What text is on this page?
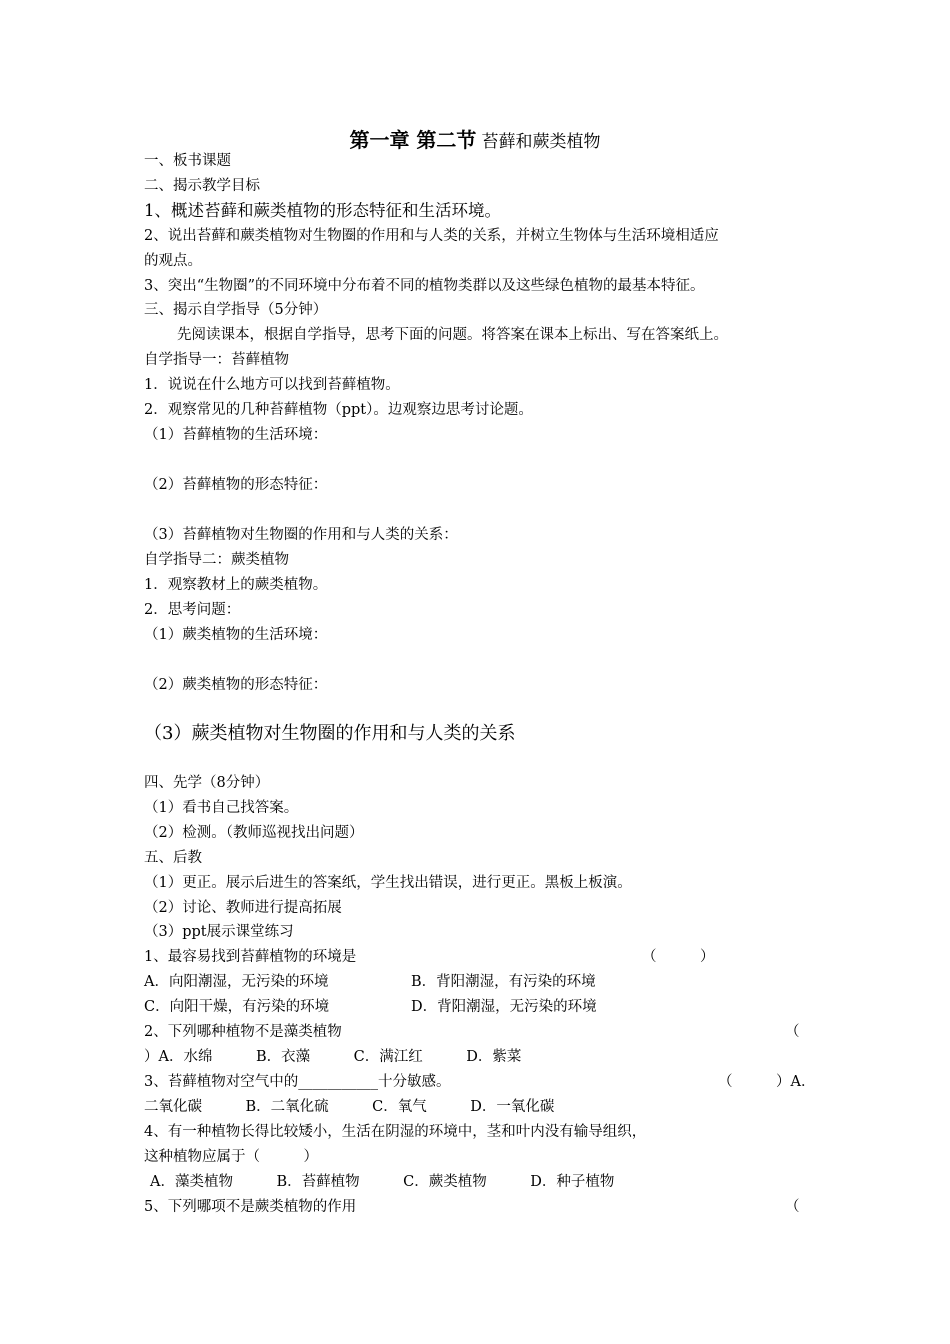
第一章 第二节 苔藓和蕨类植物
一、板书课题
二、揭示教学目标
1、概述苔藓和蕨类植物的形态特征和生活环境。
2、说出苔藓和蕨类植物对生物圈的作用和与人类的关系，并树立生物体与生活环境相适应
的观点。
3、突出“生物圈”的不同环境中分布着不同的植物类群以及这些绿色植物的最基本特征。
三、揭示自学指导（5分钟）
先阅读课本，根据自学指导，思考下面的问题。将答案在课本上标出、写在答案纸上。
自学指导一：苔藓植物
1．说说在什么地方可以找到苔藓植物。
2．观察常见的几种苔藓植物（ppt）。边观察边思考讨论题。
（1）苔藓植物的生活环境：
（2）苔藓植物的形态特征：
（3）苔藓植物对生物圈的作用和与人类的关系：
自学指导二：蕨类植物
1．观察教材上的蕨类植物。
2．思考问题：
（1）蕨类植物的生活环境：
（2）蕨类植物的形态特征：
（3）蕨类植物对生物圈的作用和与人类的关系
四、先学（8分钟）
（1）看书自己找答案。
（2）检测。（教师巡视找出问题）
五、后教
（1）更正。展示后进生的答案纸，学生找出错误，进行更正。黑板上板演。
（2）讨论、教师进行提高拓展
（3）ppt展示课堂练习
1、最容易找到苔藓植物的环境是	（　　　）
A．向阳潮湿，无污染的环境	B．背阳潮湿，有污染的环境
C．向阳干燥，有污染的环境	D．背阳潮湿，无污染的环境
2、下列哪种植物不是藻类植物	（
）A．水绵　　　B．衣藻　　　C．满江红　　　D．紫菜
3、苔藓植物对空气中的___________十分敏感。	（　　　）A．
二氧化碳　　　B．二氧化硫　　　C．氧气　　　D．一氧化碳
4、有一种植物长得比较矮小，生活在阴湿的环境中，茎和叶内没有输导组织，
这种植物应属于（　　　）
A．藻类植物　　　B．苔藓植物　　　C．蕨类植物　　　D．种子植物
5、下列哪项不是蕨类植物的作用	（
